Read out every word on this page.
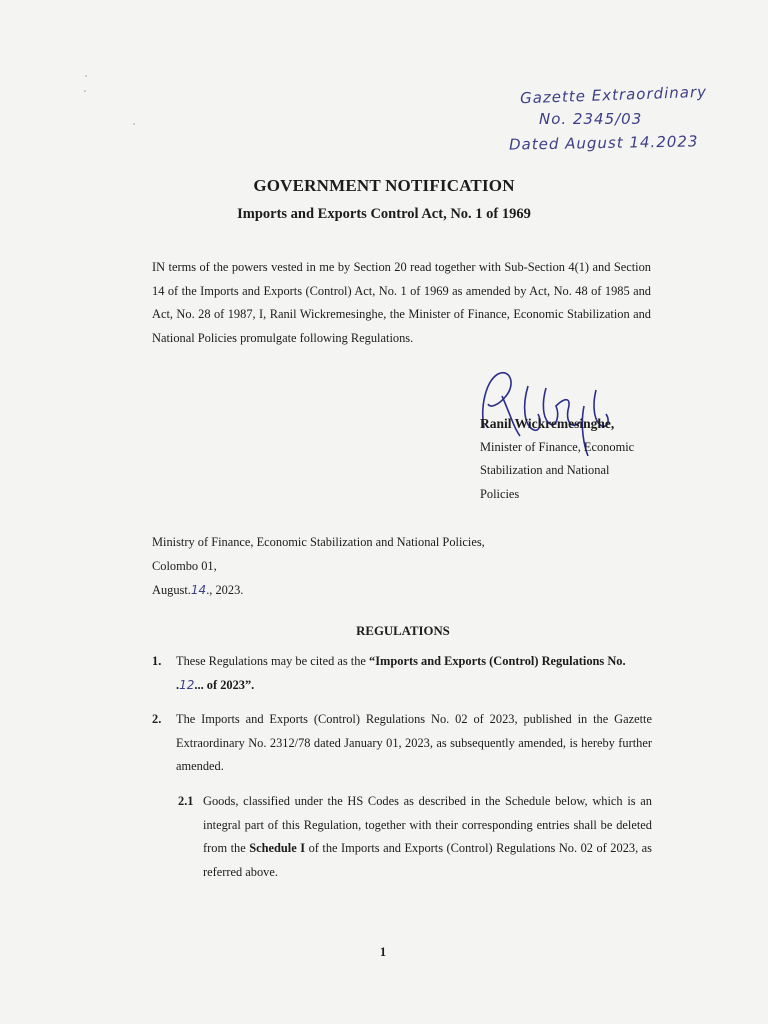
Gazette Extraordinary
No. 2345/03
Dated August 14.2023
GOVERNMENT NOTIFICATION
Imports and Exports Control Act, No. 1 of 1969

IN terms of the powers vested in me by Section 20 read together with Sub-Section 4(1) and Section 14 of the Imports and Exports (Control) Act, No. 1 of 1969 as amended by Act, No. 48 of 1985 and Act, No. 28 of 1987, I, Ranil Wickremesinghe, the Minister of Finance, Economic Stabilization and National Policies promulgate following Regulations.

Ranil Wickremesinghe,
Minister of Finance, Economic
Stabilization and National
Policies
Ministry of Finance, Economic Stabilization and National Policies,
Colombo 01,
August.14., 2023.
REGULATIONS
1. These Regulations may be cited as the “Imports and Exports (Control) Regulations No.
.12... of 2023”.
2. The Imports and Exports (Control) Regulations No. 02 of 2023, published in the Gazette Extraordinary No. 2312/78 dated January 01, 2023, as subsequently amended, is hereby further amended.
2.1 Goods, classified under the HS Codes as described in the Schedule below, which is an integral part of this Regulation, together with their corresponding entries shall be deleted from the Schedule I of the Imports and Exports (Control) Regulations No. 02 of 2023, as referred above.
1
